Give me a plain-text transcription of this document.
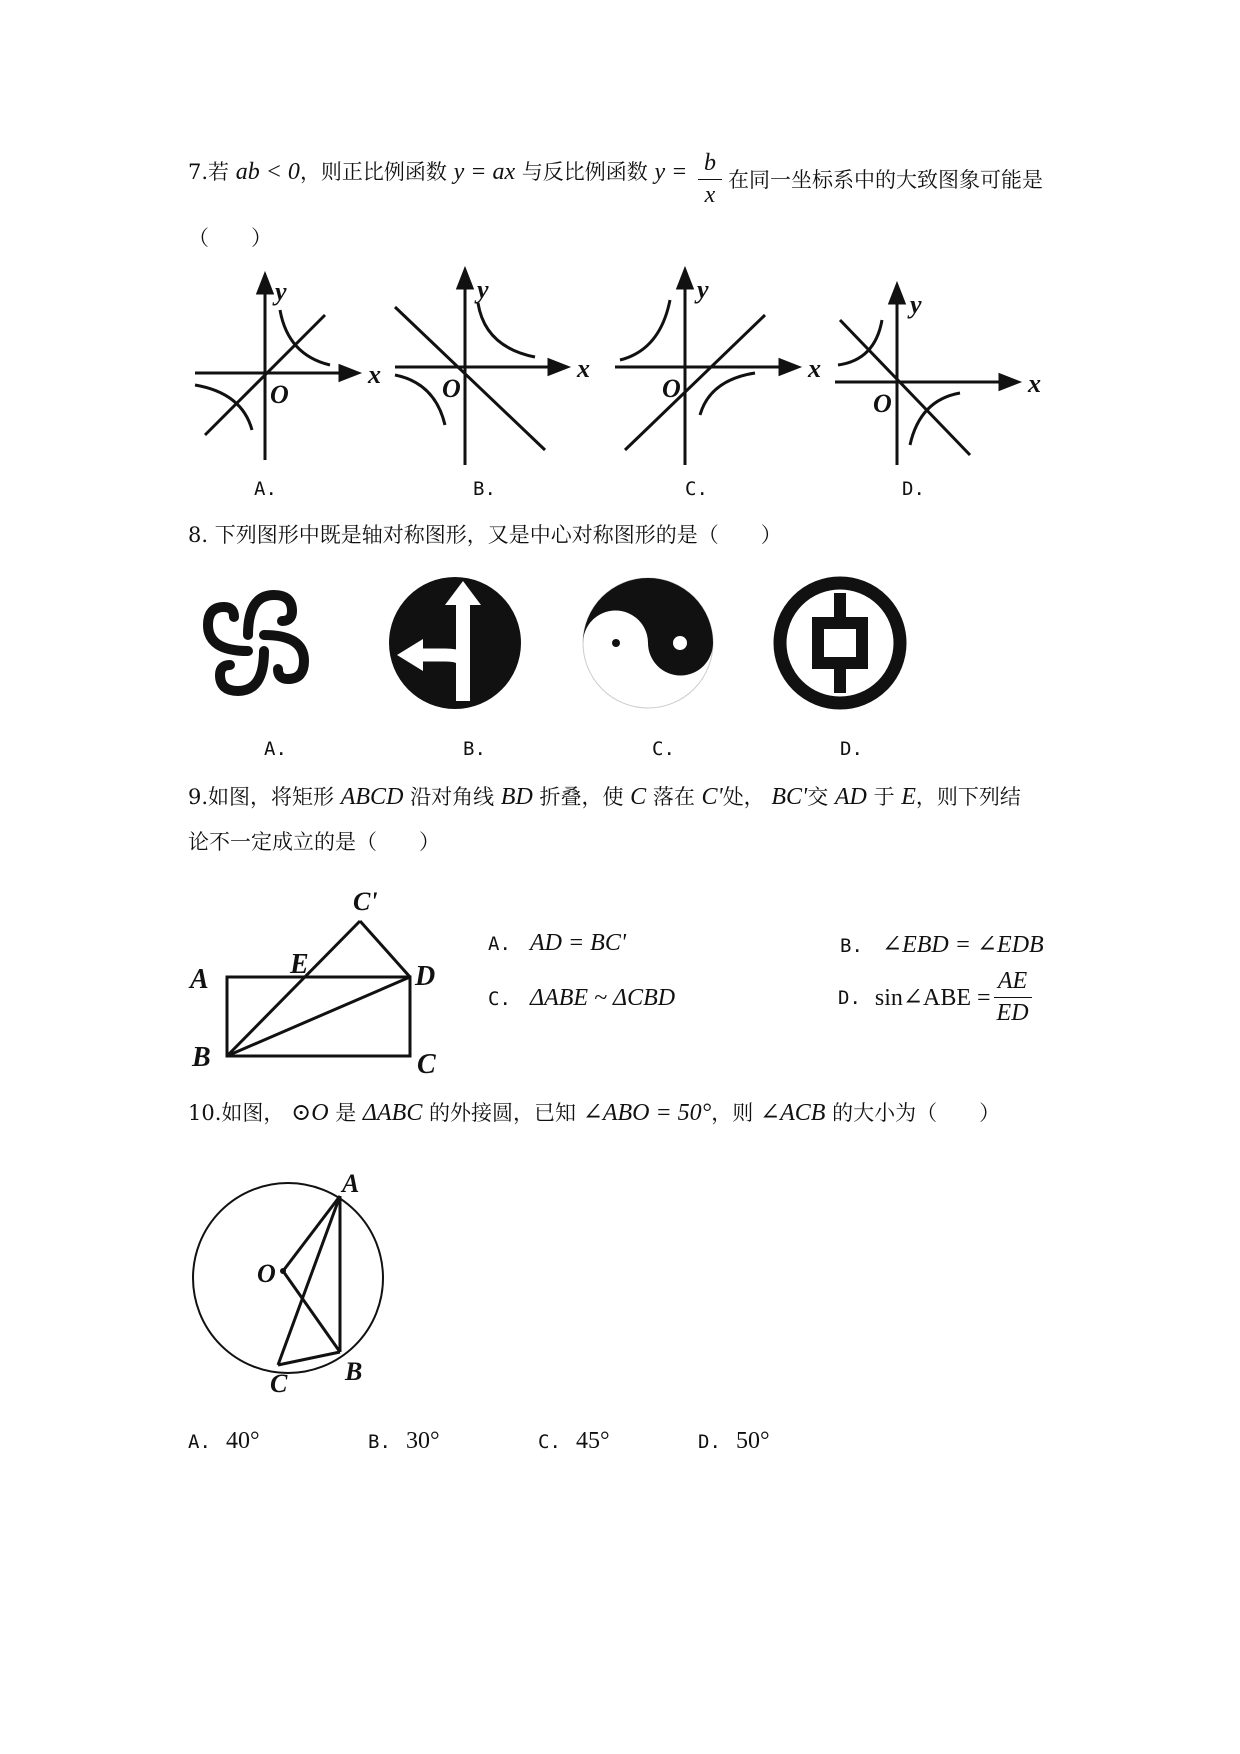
7.若 ab < 0，则正比例函数 y = ax 与反比例函数 y = b
x
在同一坐标系中的大致图象可能是
（　　）
y
x
O
y
x
O
y
x
O
y
x
O
A.	B.	C.	D.
8. 下列图形中既是轴对称图形，又是中心对称图形的是（　　）
A.	B.	C.	D.
9.如图，将矩形 ABCD 沿对角线 BD 折叠，使 C 落在 C'处， BC'交 AD 于 E，则下列结
论不一定成立的是（　　）
A
B	C
D
E
C'
A. AD = BC'	B. ∠EBD = ∠EDB
C. ΔABE ~ ΔCBD	D. sin∠ABE = $\frac{AE}{ED}$
10.如图， ⊙O 是 ΔABC 的外接圆，已知 ∠ABO = 50°，则 ∠ACB 的大小为（　　）
A
B
C
O
A. 40°	B. 30°	C. 45°	D. 50°
